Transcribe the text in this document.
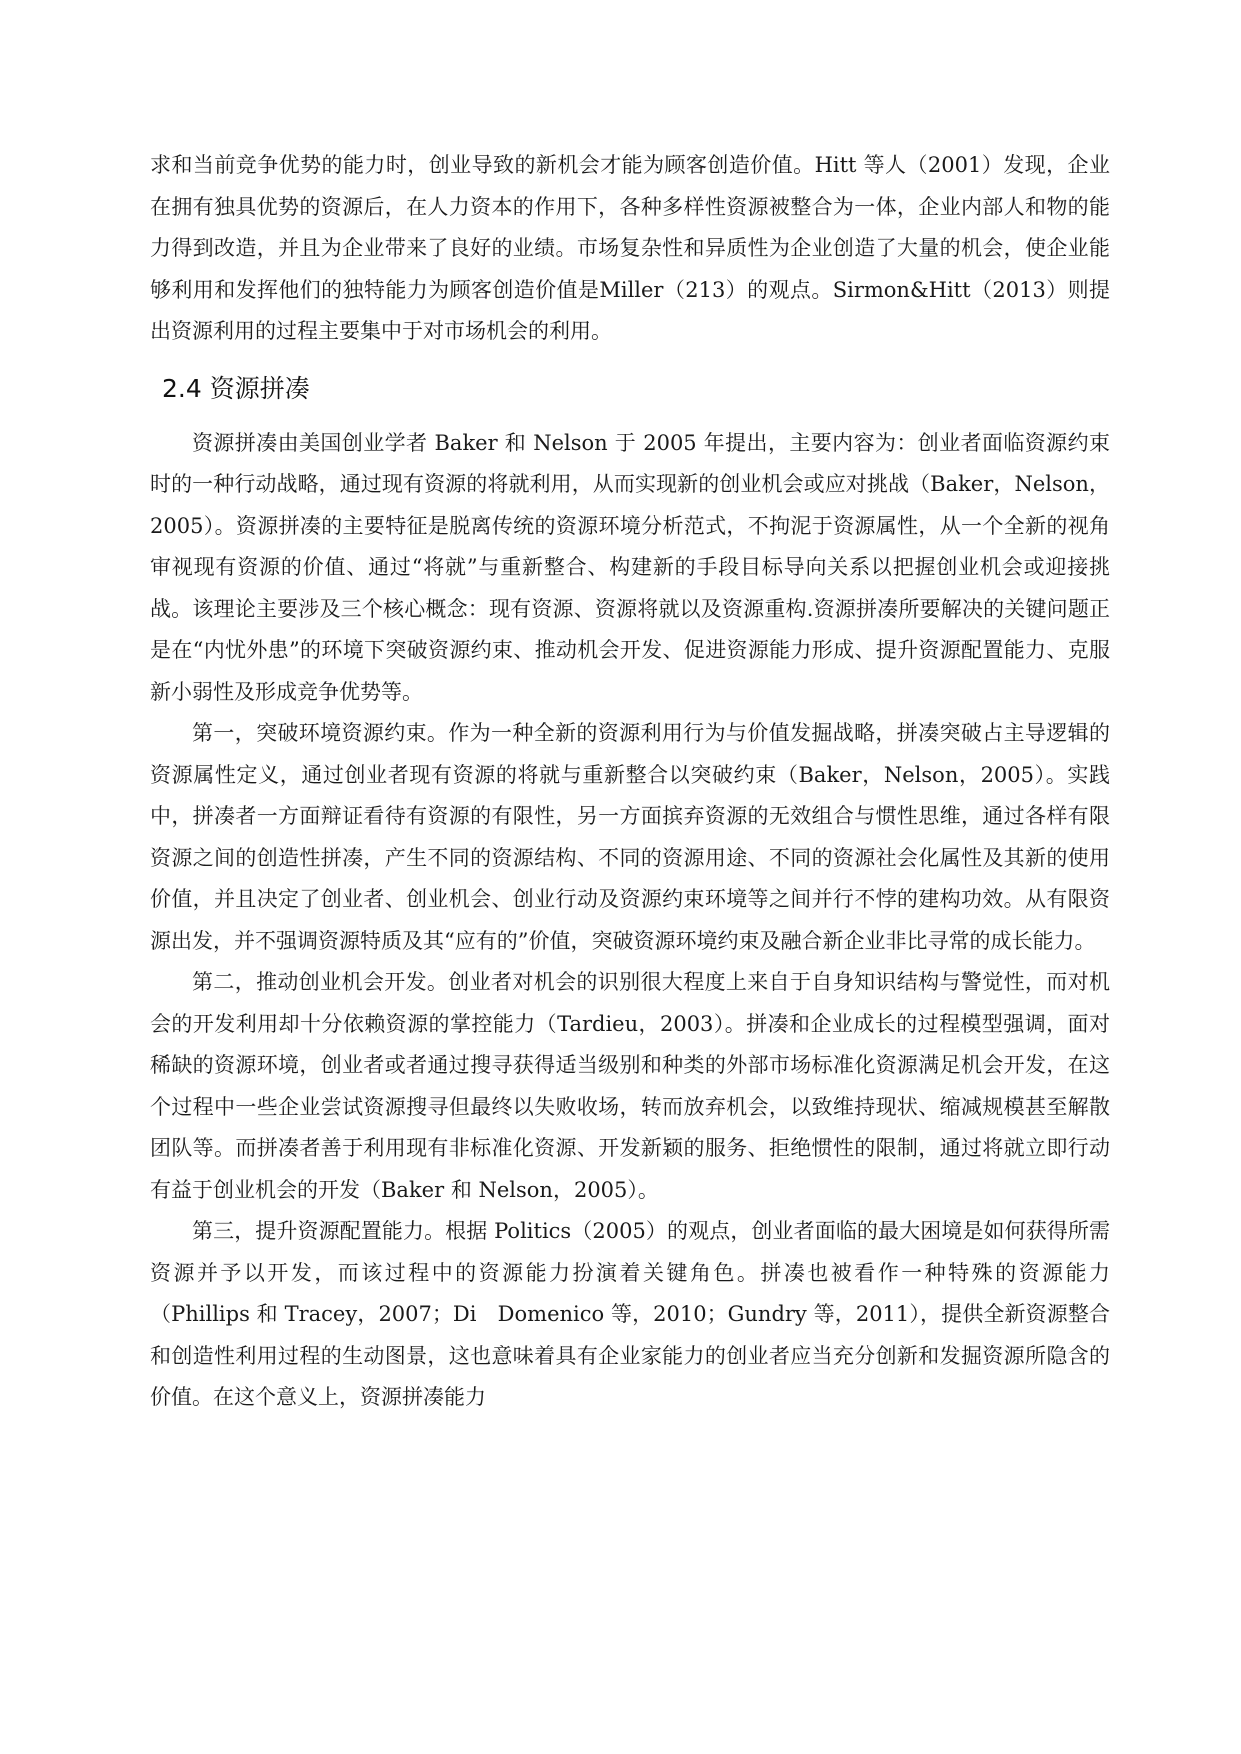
求和当前竞争优势的能力时，创业导致的新机会才能为顾客创造价值。Hitt 等人（2001）发现，企业在拥有独具优势的资源后，在人力资本的作用下，各种多样性资源被整合为一体，企业内部人和物的能力得到改造，并且为企业带来了良好的业绩。市场复杂性和异质性为企业创造了大量的机会，使企业能够利用和发挥他们的独特能力为顾客创造价值是Miller（213）的观点。Sirmon&Hitt（2013）则提出资源利用的过程主要集中于对市场机会的利用。

2.4 资源拼凑

资源拼凑由美国创业学者 Baker 和 Nelson 于 2005 年提出，主要内容为：创业者面临资源约束时的一种行动战略，通过现有资源的将就利用，从而实现新的创业机会或应对挑战（Baker，Nelson，2005）。资源拼凑的主要特征是脱离传统的资源环境分析范式，不拘泥于资源属性，从一个全新的视角审视现有资源的价值、通过“将就”与重新整合、构建新的手段目标导向关系以把握创业机会或迎接挑战。该理论主要涉及三个核心概念：现有资源、资源将就以及资源重构.资源拼凑所要解决的关键问题正是在“内忧外患”的环境下突破资源约束、推动机会开发、促进资源能力形成、提升资源配置能力、克服新小弱性及形成竞争优势等。

第一，突破环境资源约束。作为一种全新的资源利用行为与价值发掘战略，拼凑突破占主导逻辑的资源属性定义，通过创业者现有资源的将就与重新整合以突破约束（Baker，Nelson，2005）。实践中，拼凑者一方面辩证看待有资源的有限性，另一方面摈弃资源的无效组合与惯性思维，通过各样有限资源之间的创造性拼凑，产生不同的资源结构、不同的资源用途、不同的资源社会化属性及其新的使用价值，并且决定了创业者、创业机会、创业行动及资源约束环境等之间并行不悖的建构功效。从有限资源出发，并不强调资源特质及其“应有的”价值，突破资源环境约束及融合新企业非比寻常的成长能力。

第二，推动创业机会开发。创业者对机会的识别很大程度上来自于自身知识结构与警觉性，而对机会的开发利用却十分依赖资源的掌控能力（Tardieu，2003）。拼凑和企业成长的过程模型强调，面对稀缺的资源环境，创业者或者通过搜寻获得适当级别和种类的外部市场标准化资源满足机会开发，在这个过程中一些企业尝试资源搜寻但最终以失败收场，转而放弃机会，以致维持现状、缩减规模甚至解散团队等。而拼凑者善于利用现有非标准化资源、开发新颖的服务、拒绝惯性的限制，通过将就立即行动有益于创业机会的开发（Baker 和 Nelson，2005）。

第三，提升资源配置能力。根据 Politics（2005）的观点，创业者面临的最大困境是如何获得所需资源并予以开发，而该过程中的资源能力扮演着关键角色。拼凑也被看作一种特殊的资源能力（Phillips 和 Tracey，2007；Di　Domenico 等，2010；Gundry 等，2011），提供全新资源整合和创造性利用过程的生动图景，这也意味着具有企业家能力的创业者应当充分创新和发掘资源所隐含的价值。在这个意义上，资源拼凑能力
